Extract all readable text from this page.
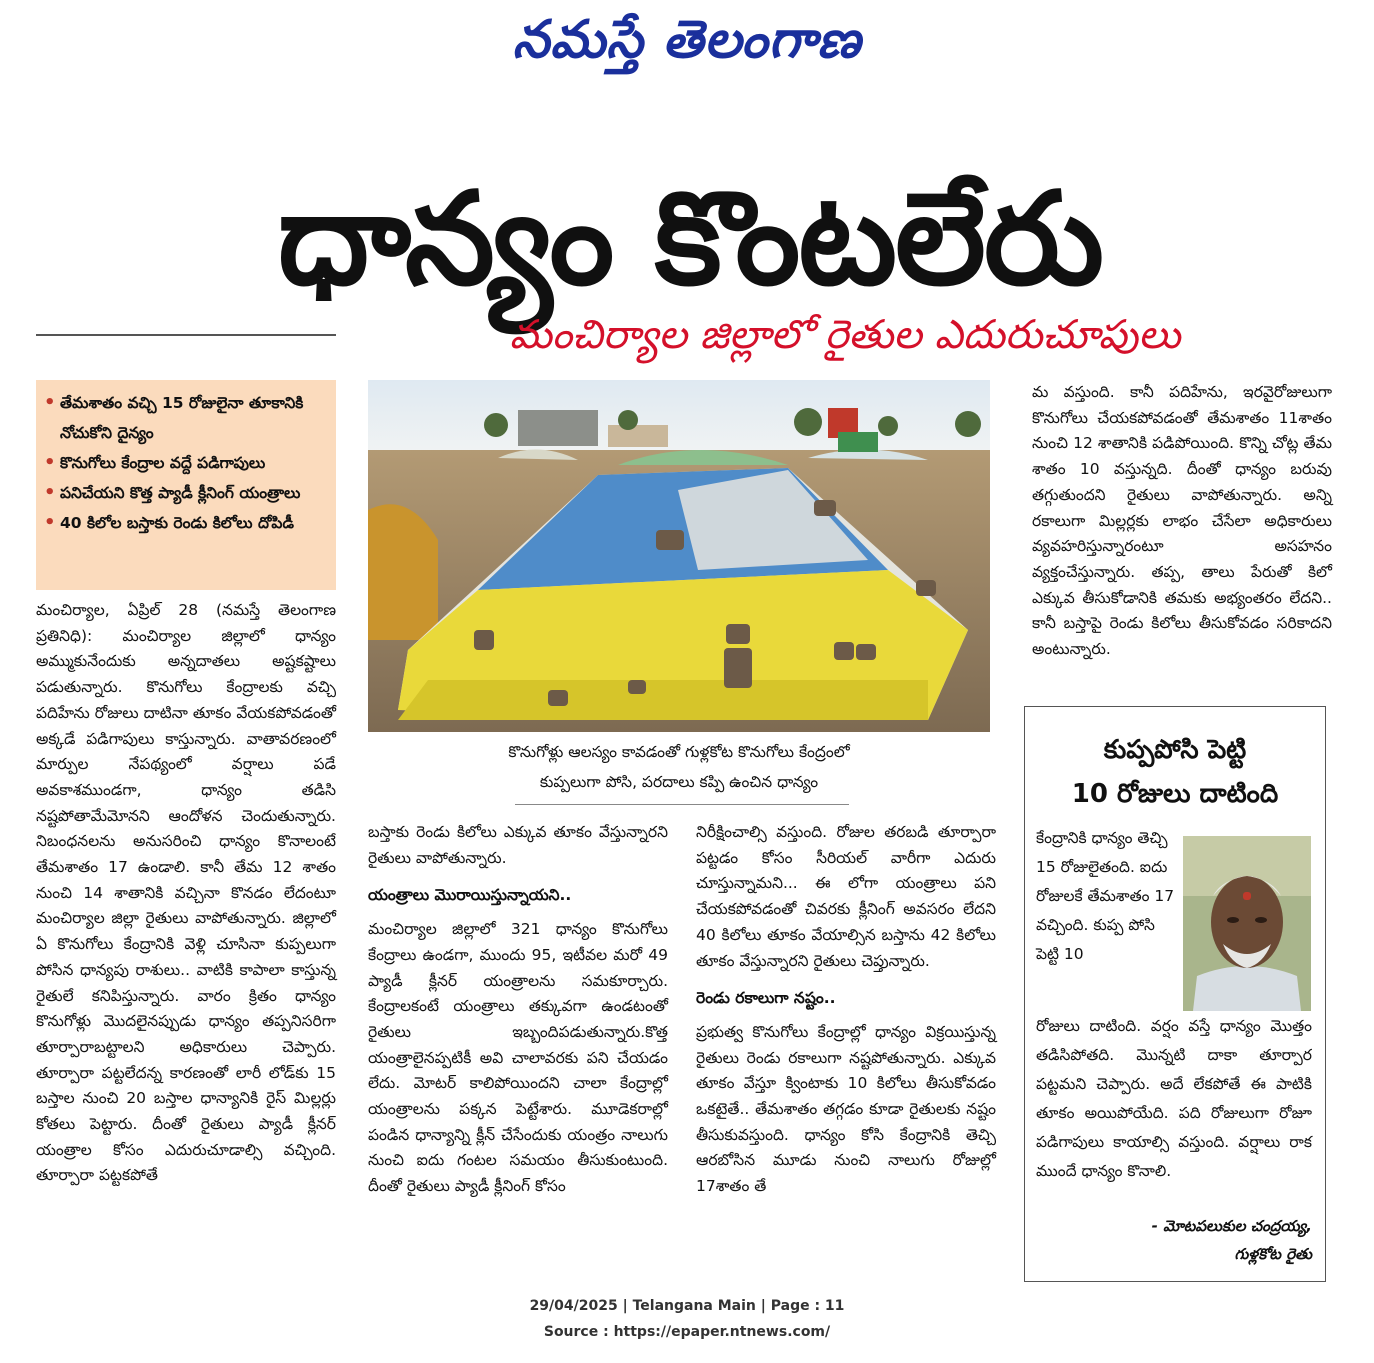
నమస్తే తెలంగాణ
ధాన్యం కొంటలేరు
మంచిర్యాల జిల్లాలో రైతుల ఎదురుచూపులు
• తేమశాతం వచ్చి 15 రోజులైనా తూకానికి నోచుకోని దైన్యం
• కొనుగోలు కేంద్రాల వద్దే పడిగాపులు
• పనిచేయని కొత్త ప్యాడీ క్లీనింగ్ యంత్రాలు
• 40 కిలోల బస్తాకు రెండు కిలోలు దోపిడీ

మంచిర్యాల, ఏప్రిల్ 28 (నమస్తే తెలంగాణ ప్రతినిధి): మంచిర్యాల జిల్లాలో ధాన్యం అమ్ముకునేందుకు అన్నదాతలు అష్టకష్టాలు పడుతున్నారు. కొనుగోలు కేంద్రాలకు వచ్చి పదిహేను రోజులు దాటినా తూకం వేయకపోవడంతో అక్కడే పడిగాపులు కాస్తున్నారు. వాతావరణంలో మార్పుల నేపథ్యంలో వర్షాలు పడే అవకాశముండగా, ధాన్యం తడిసి నష్టపోతామేమోనని ఆందోళన చెందుతున్నారు. నిబంధనలను అనుసరించి ధాన్యం కొనాలంటే తేమశాతం 17 ఉండాలి. కానీ తేమ 12 శాతం నుంచి 14 శాతానికి వచ్చినా కొనడం లేదంటూ మంచిర్యాల జిల్లా రైతులు వాపోతున్నారు. జిల్లాలో ఏ కొనుగోలు కేంద్రానికి వెళ్లి చూసినా కుప్పలుగా పోసిన ధాన్యపు రాశులు.. వాటికి కాపాలా కాస్తున్న రైతులే కనిపిస్తున్నారు. వారం క్రితం ధాన్యం కొనుగోళ్లు మొదలైనప్పుడు ధాన్యం తప్పనిసరిగా తూర్పారాబట్టాలని అధికారులు చెప్పారు. తూర్పారా పట్టలేదన్న కారణంతో లారీ లోడ్‌కు 15 బస్తాల నుంచి 20 బస్తాల ధాన్యానికి రైస్ మిల్లర్లు కోతలు పెట్టారు. దీంతో రైతులు ప్యాడీ క్లీనర్ యంత్రాల కోసం ఎదురుచూడాల్సి వచ్చింది. తూర్పారా పట్టకపోతే

కొనుగోళ్లు ఆలస్యం కావడంతో గుళ్లకోట కొనుగోలు కేంద్రంలో
కుప్పలుగా పోసి, పరదాలు కప్పి ఉంచిన ధాన్యం

బస్తాకు రెండు కిలోలు ఎక్కువ తూకం వేస్తున్నారని రైతులు వాపోతున్నారు.

యంత్రాలు మొరాయిస్తున్నాయని..

మంచిర్యాల జిల్లాలో 321 ధాన్యం కొనుగోలు కేంద్రాలు ఉండగా, ముందు 95, ఇటీవల మరో 49 ప్యాడీ క్లీనర్ యంత్రాలను సమకూర్చారు. కేంద్రాలకంటే యంత్రాలు తక్కువగా ఉండటంతో రైతులు ఇబ్బందిపడుతున్నారు.కొత్త యంత్రాలైనప్పటికీ అవి చాలావరకు పని చేయడం లేదు. మోటర్ కాలిపోయిందని చాలా కేంద్రాల్లో యంత్రాలను పక్కన పెట్టేశారు. మూడెకరాల్లో పండిన ధాన్యాన్ని క్లీన్ చేసేందుకు యంత్రం నాలుగు నుంచి ఐదు గంటల సమయం తీసుకుంటుంది. దీంతో రైతులు ప్యాడీ క్లీనింగ్ కోసం

నిరీక్షించాల్సి వస్తుంది. రోజుల తరబడి తూర్పారా పట్టడం కోసం సీరియల్ వారీగా ఎదురు చూస్తున్నామని... ఈ లోగా యంత్రాలు పని చేయకపోవడంతో చివరకు క్లీనింగ్ అవసరం లేదని 40 కిలోలు తూకం వేయాల్సిన బస్తాను 42 కిలోలు తూకం వేస్తున్నారని రైతులు చెప్తున్నారు.

రెండు రకాలుగా నష్టం..

ప్రభుత్వ కొనుగోలు కేంద్రాల్లో ధాన్యం విక్రయిస్తున్న రైతులు రెండు రకాలుగా నష్టపోతున్నారు. ఎక్కువ తూకం వేస్తూ క్వింటాకు 10 కిలోలు తీసుకోవడం ఒకటైతే.. తేమశాతం తగ్గడం కూడా రైతులకు నష్టం తీసుకువస్తుంది. ధాన్యం కోసి కేంద్రానికి తెచ్చి ఆరబోసిన మూడు నుంచి నాలుగు రోజుల్లో 17శాతం తే

మ వస్తుంది. కానీ పదిహేను, ఇరవైరోజులుగా కొనుగోలు చేయకపోవడంతో తేమశాతం 11శాతం నుంచి 12 శాతానికి పడిపోయింది. కొన్ని చోట్ల తేమ శాతం 10 వస్తున్నది. దీంతో ధాన్యం బరువు తగ్గుతుందని రైతులు వాపోతున్నారు. అన్ని రకాలుగా మిల్లర్లకు లాభం చేసేలా అధికారులు వ్యవహరిస్తున్నారంటూ అసహనం వ్యక్తంచేస్తున్నారు. తప్ప, తాలు పేరుతో కిలో ఎక్కువ తీసుకోడానికి తమకు అభ్యంతరం లేదని.. కానీ బస్తాపై రెండు కిలోలు తీసుకోవడం సరికాదని అంటున్నారు.

కుప్పపోసి పెట్టి
10 రోజులు దాటింది
కేంద్రానికి ధాన్యం తెచ్చి 15 రోజులైతంది. ఐదు రోజులకే తేమశాతం 17 వచ్చింది. కుప్ప పోసి పెట్టి 10
రోజులు దాటింది. వర్షం వస్తే ధాన్యం మొత్తం తడిసిపోతది. మొన్నటి దాకా తూర్పార పట్టమని చెప్పారు. అదే లేకపోతే ఈ పాటికి తూకం అయిపోయేది. పది రోజులుగా రోజూ పడిగాపులు కాయాల్సి వస్తుంది. వర్షాలు రాక ముందే ధాన్యం కొనాలి.
- మోటపలుకుల చంద్రయ్య,
గుళ్లకోట రైతు
29/04/2025 | Telangana Main | Page : 11
Source : https://epaper.ntnews.com/
